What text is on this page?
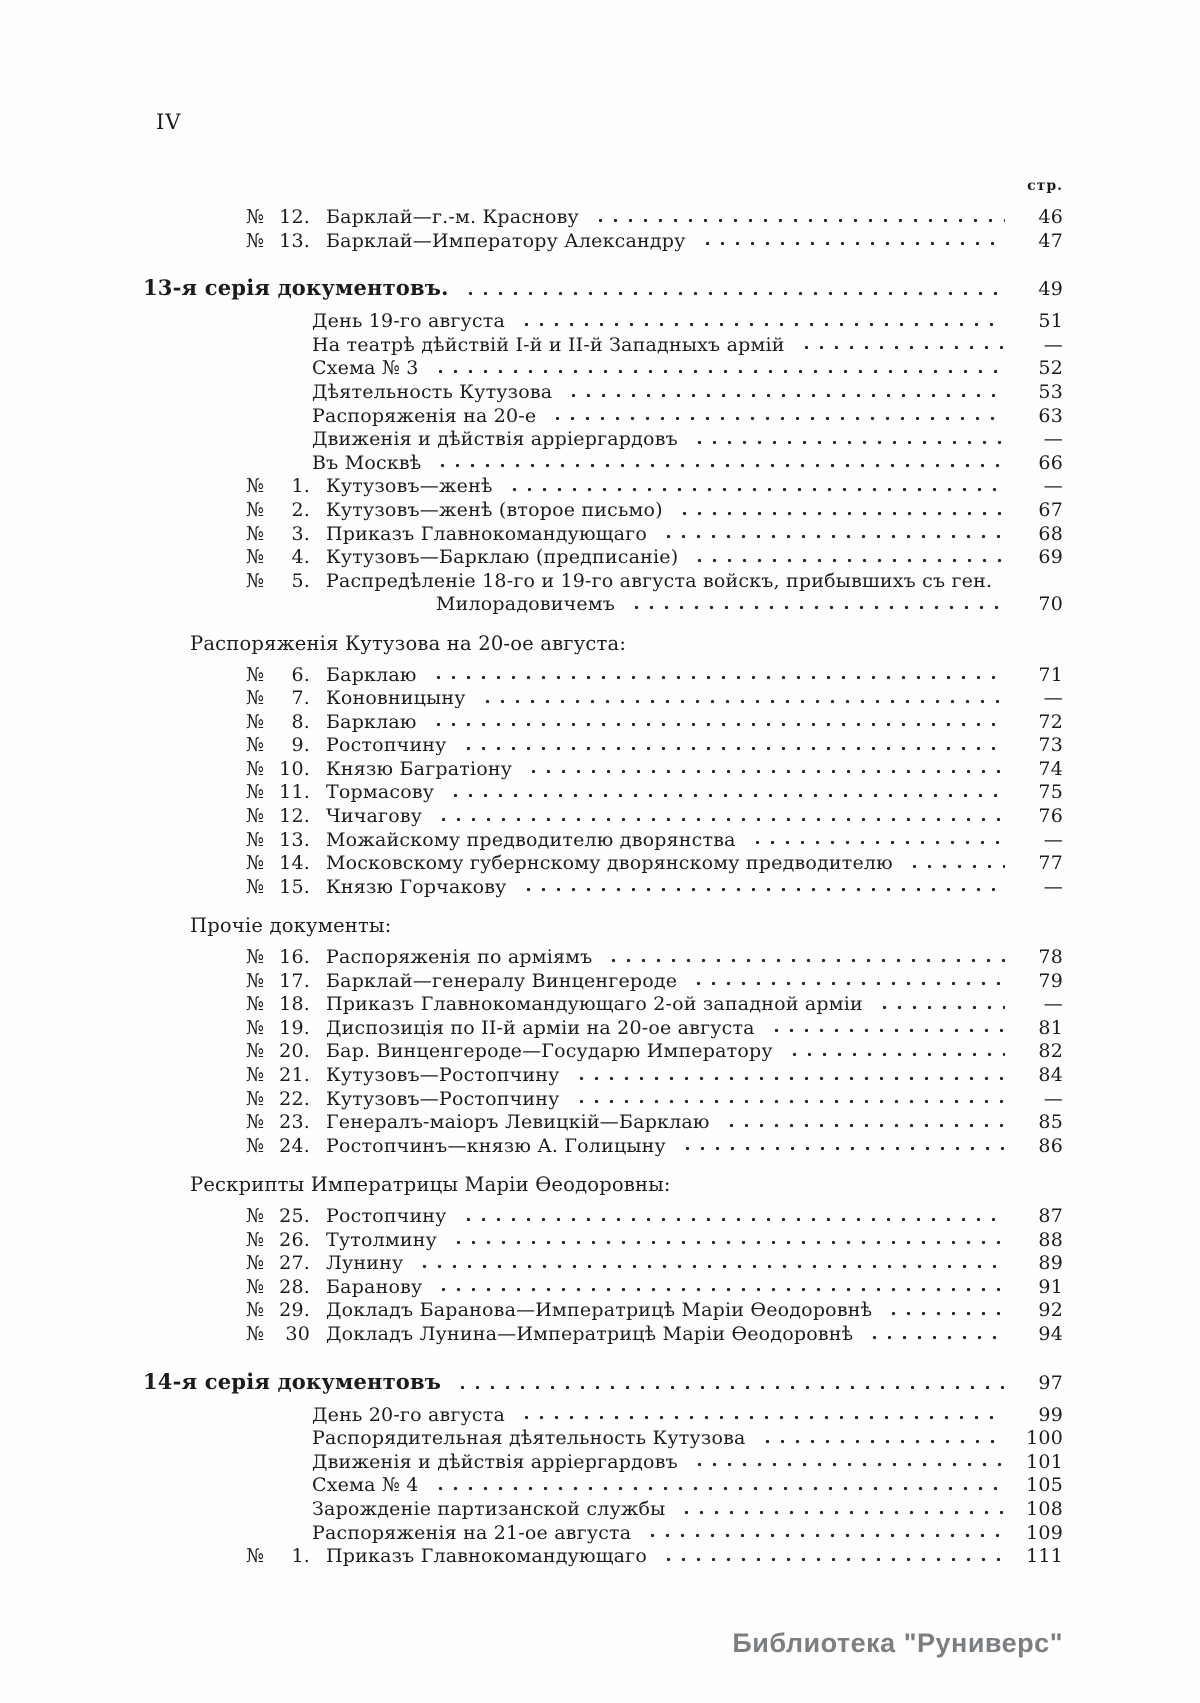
IV
стр.
№ 12. Барклай—г.-м. Краснову	46
№ 13. Барклай—Императору Александру	47
13-я серія документовъ.	49
День 19-го августа	51
На театрѣ дѣйствій I-й и II-й Западныхъ армій	—
Схема № 3	52
Дѣятельность Кутузова	53
Распоряженія на 20-е	63
Движенія и дѣйствія арріергардовъ	—
Въ Москвѣ	66
№	1. Кутузовъ—женѣ	—
№	2. Кутузовъ—женѣ (второе письмо)	67
№	3. Приказъ Главнокомандующаго	68
№	4. Кутузовъ—Барклаю (предписаніе)	69
№	5. Распредѣленіе 18-го и 19-го августа войскъ, прибывшихъ съ ген.
Милорадовичемъ	70
Распоряженія Кутузова на 20-ое августа:
№	6. Барклаю	71
№	7. Коновницыну	—
№	8. Барклаю	72
№	9. Ростопчину	73
№ 10. Князю Багратіону	74
№ 11. Тормасову	75
№ 12. Чичагову	76
№ 13. Можайскому предводителю дворянства	—
№ 14. Московскому губернскому дворянскому предводителю	77
№ 15. Князю Горчакову	—
Прочіе документы:
№ 16. Распоряженія по арміямъ	78
№ 17. Барклай—генералу Винценгероде	79
№ 18. Приказъ Главнокомандующаго 2-ой западной арміи	—
№ 19. Диспозиція по II-й арміи на 20-ое августа	81
№ 20. Бар. Винценгероде—Государю Императору	82
№ 21. Кутузовъ—Ростопчину	84
№ 22. Кутузовъ—Ростопчину	—
№ 23. Генералъ-маіоръ Левицкій—Барклаю	85
№ 24. Ростопчинъ—князю А. Голицыну	86
Рескрипты Императрицы Маріи Ѳеодоровны:
№ 25. Ростопчину	87
№ 26. Тутолмину	88
№ 27. Лунину	89
№ 28. Баранову	91
№ 29. Докладъ Баранова—Императрицѣ Маріи Ѳеодоровнѣ	92
№	30 Докладъ Лунина—Императрицѣ Маріи Ѳеодоровнѣ	94
14-я серія документовъ	97
День 20-го августа	99
Распорядительная дѣятельность Кутузова	100
Движенія и дѣйствія арріергардовъ	101
Схема № 4	105
Зарожденіе партизанской службы	108
Распоряженія на 21-ое августа	109
№	1. Приказъ Главнокомандующаго	111
Библиотека "Руниверс"
